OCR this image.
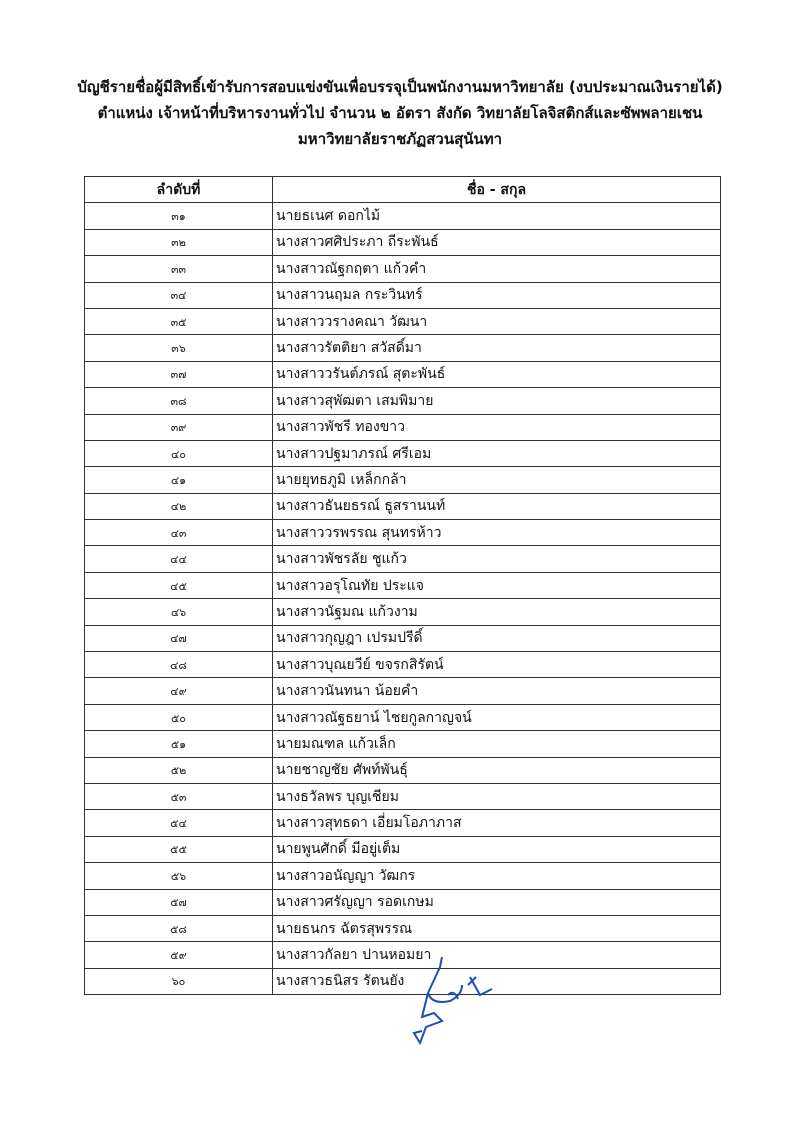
บัญชีรายชื่อผู้มีสิทธิ์เข้ารับการสอบแข่งขันเพื่อบรรจุเป็นพนักงานมหาวิทยาลัย (งบประมาณเงินรายได้)
ตำแหน่ง เจ้าหน้าที่บริหารงานทั่วไป จำนวน ๒ อัตรา สังกัด วิทยาลัยโลจิสติกส์และซัพพลายเชน
มหาวิทยาลัยราชภัฏสวนสุนันทา
ลำดับที่	ชื่อ - สกุล
๓๑	นายธเนศ ดอกไม้
๓๒	นางสาวศศิประภา ถีระพันธ์
๓๓	นางสาวณัฐกฤตา แก้วคำ
๓๔	นางสาวนฤมล กระวินทร์
๓๕	นางสาววรางคณา วัฒนา
๓๖	นางสาวรัตติยา สวัสดิ์มา
๓๗	นางสาววรันต์ภรณ์ สุตะพันธ์
๓๘	นางสาวสุพัฒตา เสมพิมาย
๓๙	นางสาวพัชรี ทองขาว
๔๐	นางสาวปฐมาภรณ์ ศรีเอม
๔๑	นายยุทธภูมิ เหล็กกล้า
๔๒	นางสาวธันยธรณ์ ธูสรานนท์
๔๓	นางสาววรพรรณ สุนทรห้าว
๔๔	นางสาวพัชรลัย ชูแก้ว
๔๕	นางสาวอรุโณทัย ประแจ
๔๖	นางสาวนัฐมณ แก้วงาม
๔๗	นางสาวกุญฎา เปรมปรีดิ์
๔๘	นางสาวบุณยวีย์ ขจรกสิรัตน์
๔๙	นางสาวนันทนา น้อยคำ
๕๐	นางสาวณัฐธยาน์ ไชยกูลกาญจน์
๕๑	นายมณฑล แก้วเล็ก
๕๒	นายชาญชัย ศัพท์พันธุ์
๕๓	นางธวัลพร บุญเชียม
๕๔	นางสาวสุทธดา เอี่ยมโอภาภาส
๕๕	นายพูนศักดิ์ มีอยู่เต็ม
๕๖	นางสาวอนัญญา วัฒกร
๕๗	นางสาวศรัญญา รอดเกษม
๕๘	นายธนกร ฉัตรสุพรรณ
๕๙	นางสาวกัลยา ปานหอมยา
๖๐	นางสาวธนิสร รัตนยัง
